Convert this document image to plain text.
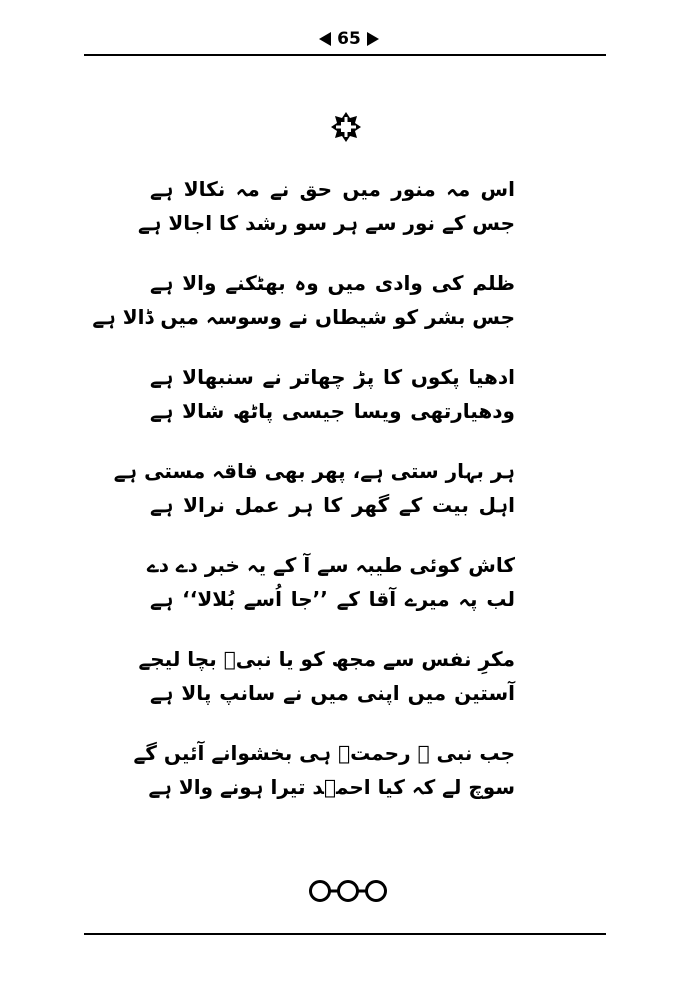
65
اس مہ منور میں حق نے مہ نکالا ہے
جس کے نور سے ہر سو رشد کا اجالا ہے
ظلم کی وادی میں وہ بھٹکنے والا ہے
جس بشر کو شیطاں نے وسوسہ میں ڈالا ہے
ادھیا پکوں کا پڑ چھاتر نے سنبھالا ہے
ودھیارتھی ویسا جیسی پاٹھ شالا ہے
ہر بہار ستی ہے، پھر بھی فاقہ مستی ہے
اہل بیت کے گھر کا ہر عمل نرالا ہے
کاش کوئی طیبہ سے آ کے یہ خبر دے دے
لب پہ میرے آقا کے ’’جا اُسے بُلالا‘‘ ہے
مکرِ نفس سے مجھ کو یا نبیؐ بچا لیجے
آستین میں اپنی میں نے سانپ پالا ہے
جب نبی ؐ رحمتؐ ہی بخشوانے آئیں گے
سوچ لے کہ کیا احمؔد تیرا ہونے والا ہے
